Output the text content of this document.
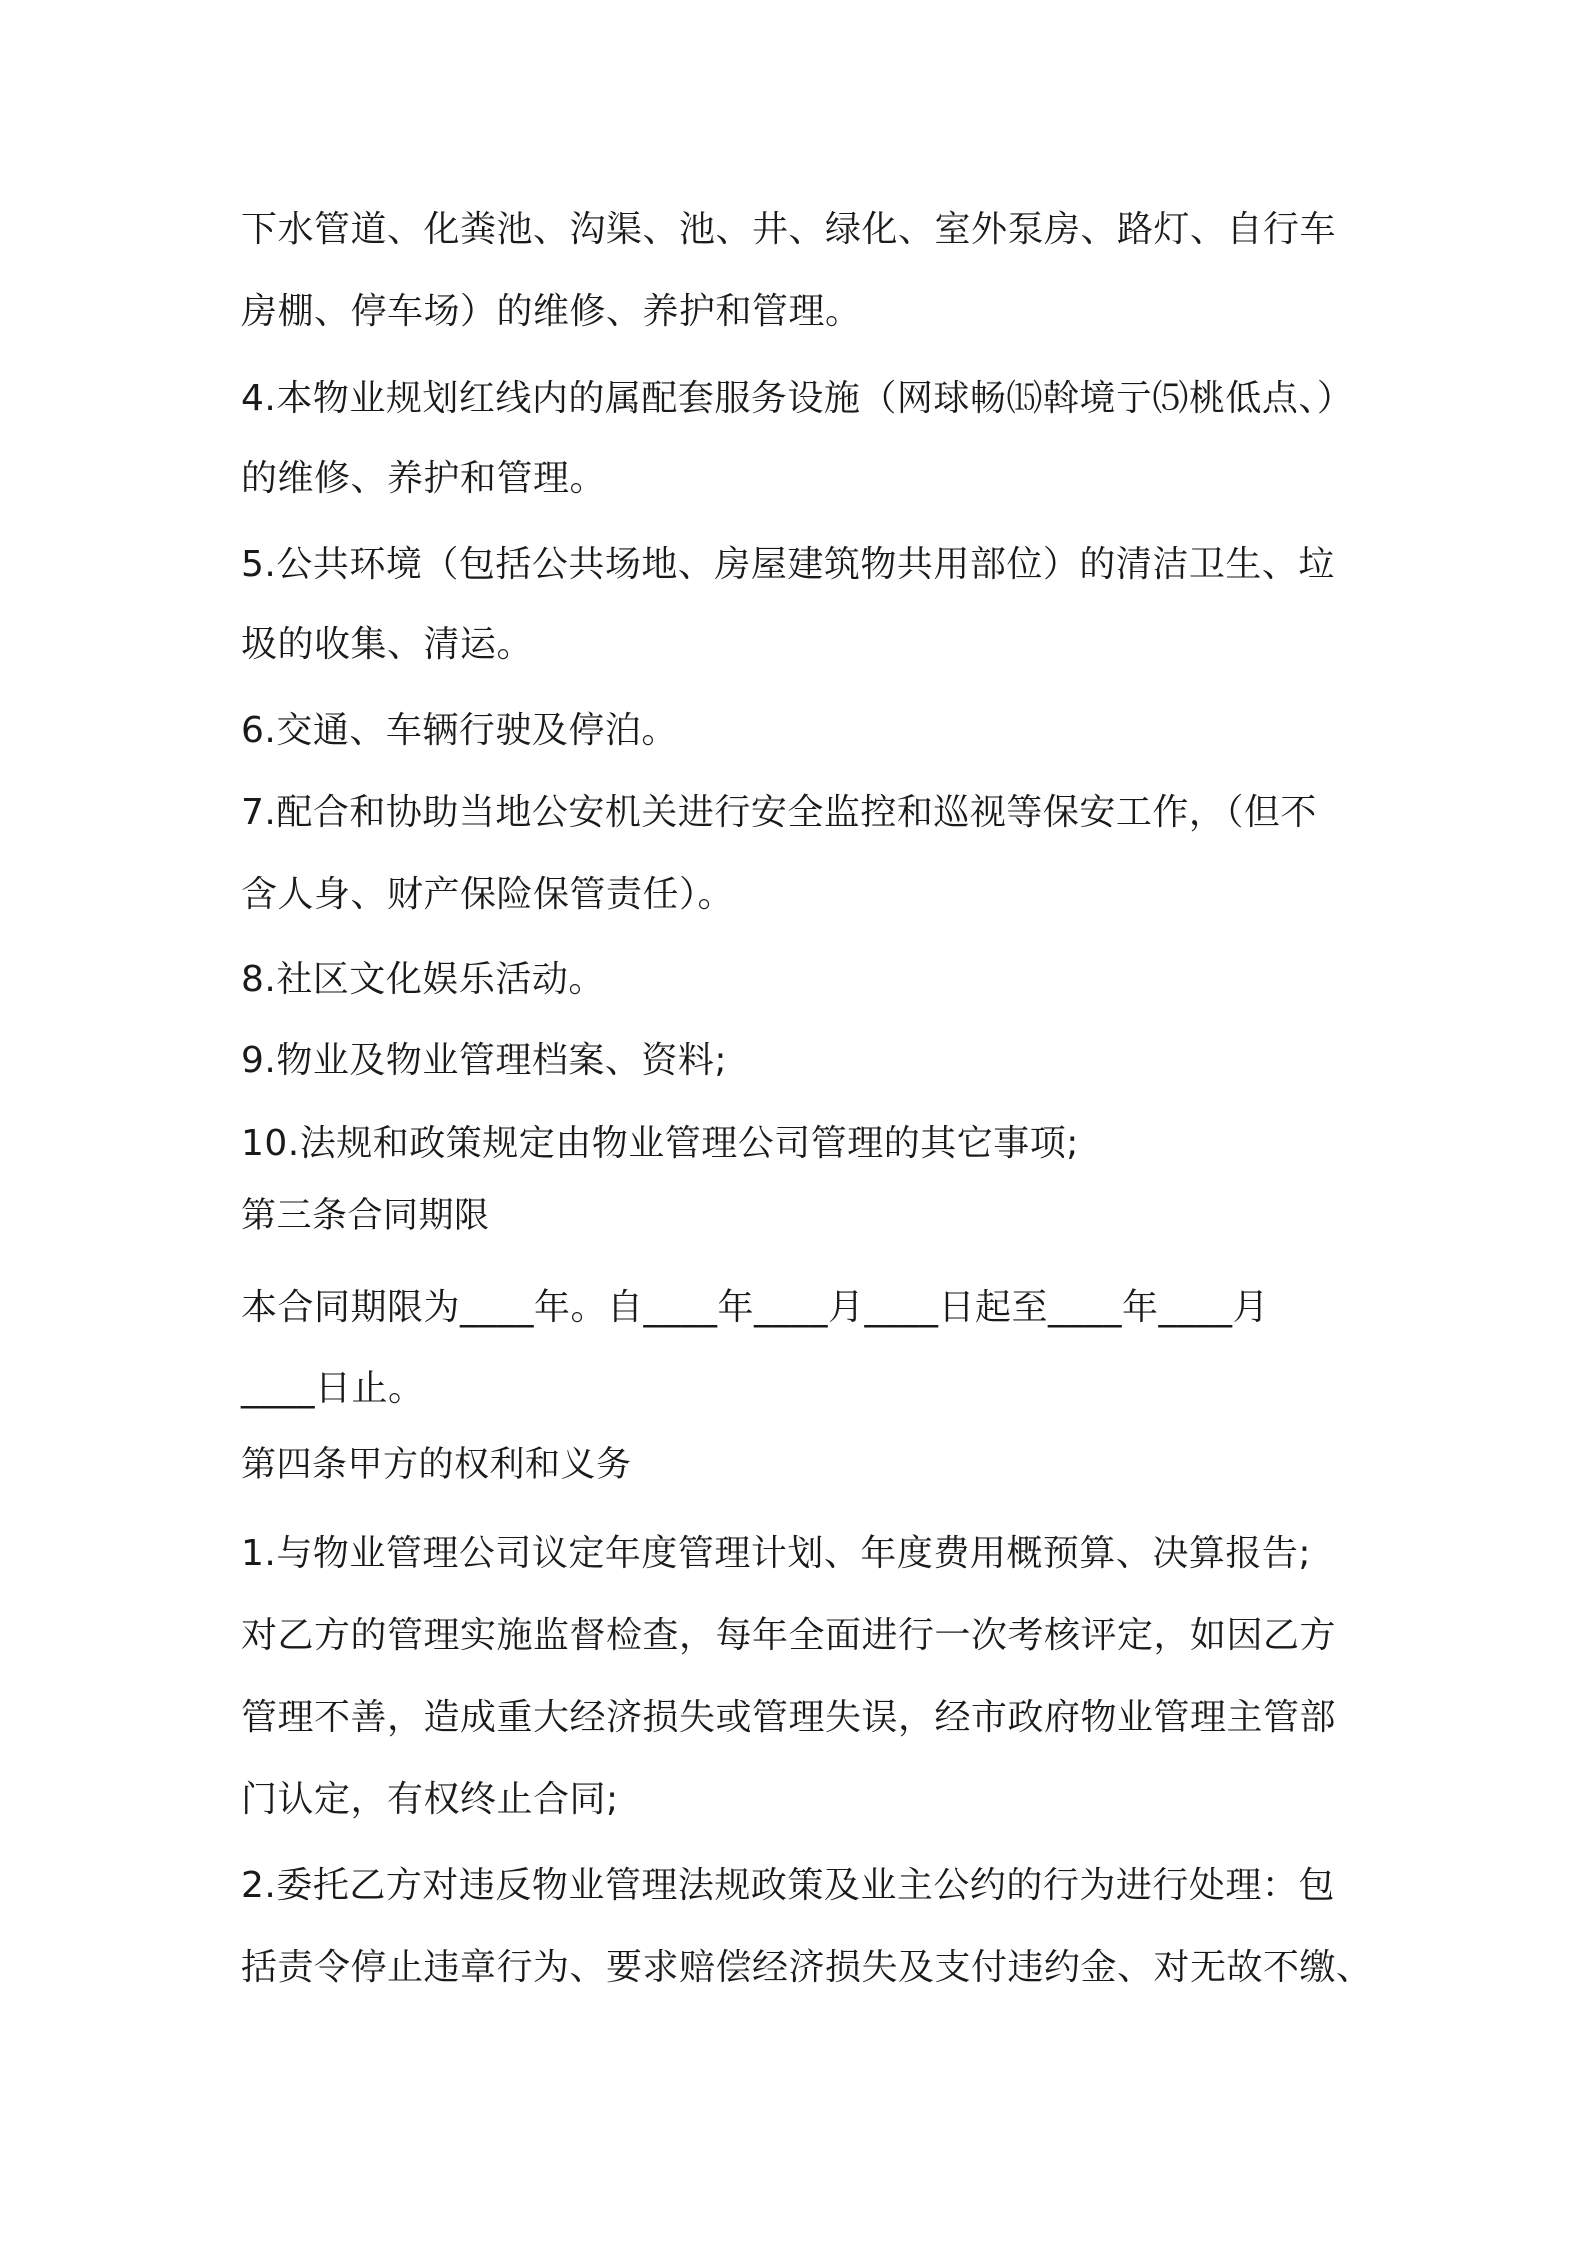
下水管道、化粪池、沟渠、池、井、绿化、室外泵房、路灯、自行车
房棚、停车场）的维修、养护和管理。
4.本物业规划红线内的属配套服务设施（网球畅⒂斡境亍⑸桃低点、）
的维修、养护和管理。
5.公共环境（包括公共场地、房屋建筑物共用部位）的清洁卫生、垃
圾的收集、清运。
6.交通、车辆行驶及停泊。
7.配合和协助当地公安机关进行安全监控和巡视等保安工作，（但不
含人身、财产保险保管责任）。
8.社区文化娱乐活动。
9.物业及物业管理档案、资料;
10.法规和政策规定由物业管理公司管理的其它事项;
第三条合同期限
本合同期限为____年。自____年____月____日起至____年____月
____日止。
第四条甲方的权利和义务
1.与物业管理公司议定年度管理计划、年度费用概预算、决算报告;
对乙方的管理实施监督检查，每年全面进行一次考核评定，如因乙方
管理不善，造成重大经济损失或管理失误，经市政府物业管理主管部
门认定，有权终止合同;
2.委托乙方对违反物业管理法规政策及业主公约的行为进行处理：包
括责令停止违章行为、要求赔偿经济损失及支付违约金、对无故不缴、
